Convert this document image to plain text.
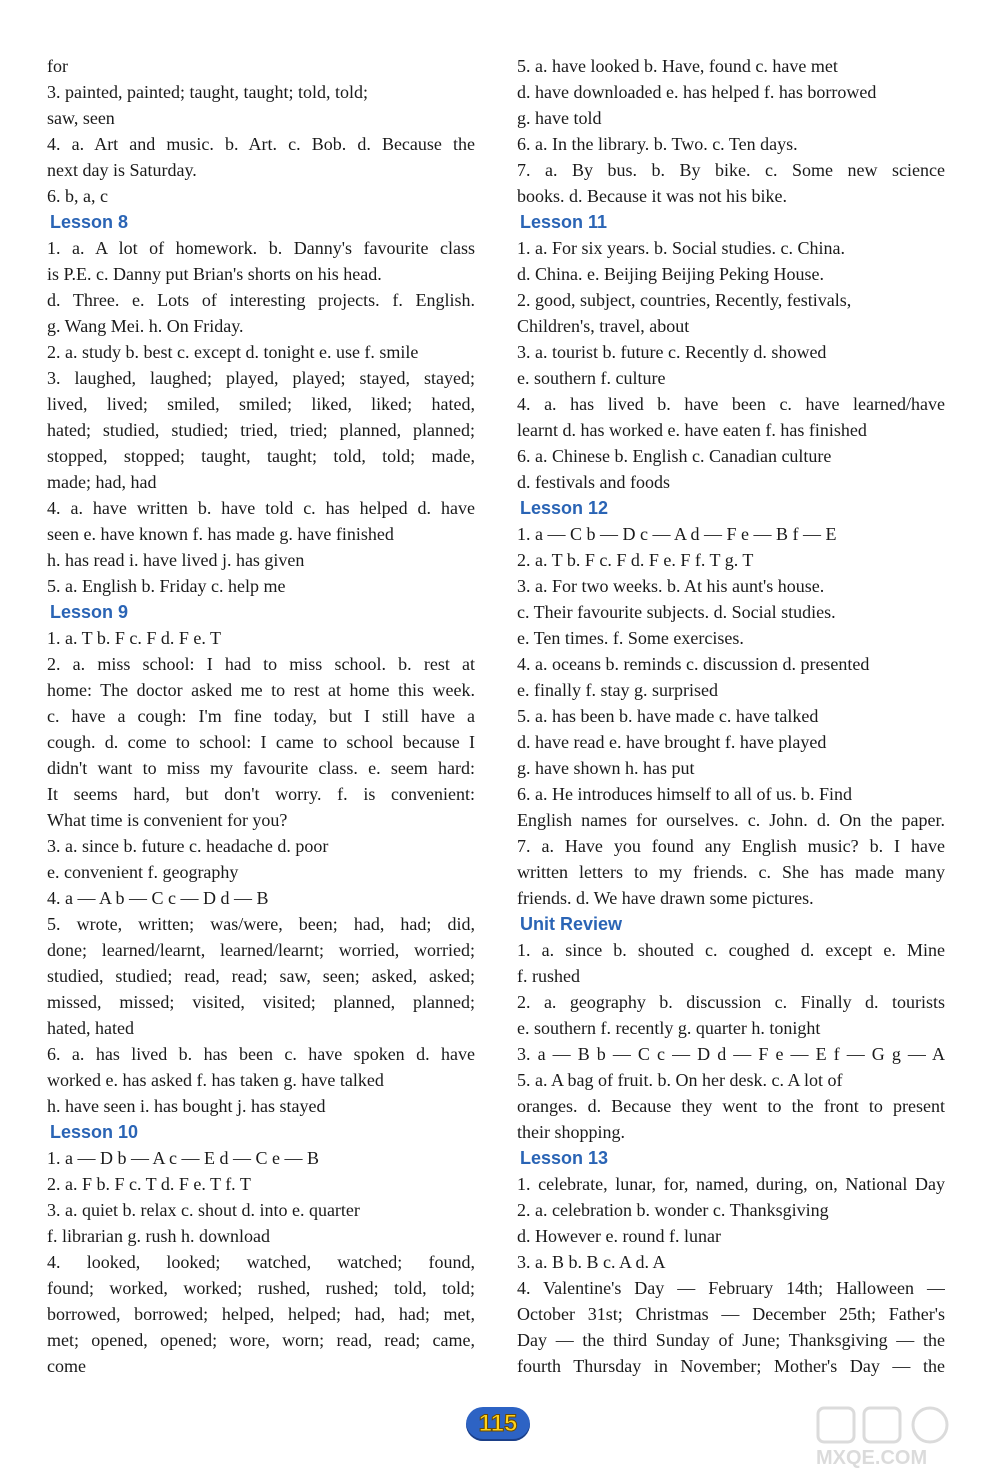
for
3. painted, painted; taught, taught; told, told;
saw, seen
4. a. Art and music. b. Art. c. Bob. d. Because the
next day is Saturday.
6. b, a, c
Lesson 8
1. a. A lot of homework. b. Danny's favourite class
is P.E. c. Danny put Brian's shorts on his head.
d. Three. e. Lots of interesting projects. f. English.
g. Wang Mei. h. On Friday.
2. a. study b. best c. except d. tonight e. use f. smile
3. laughed, laughed; played, played; stayed, stayed;
lived, lived; smiled, smiled; liked, liked; hated,
hated; studied, studied; tried, tried; planned, planned;
stopped, stopped; taught, taught; told, told; made,
made; had, had
4. a. have written b. have told c. has helped d. have
seen e. have known f. has made g. have finished
h. has read i. have lived j. has given
5. a. English b. Friday c. help me
Lesson 9
1. a. T b. F c. F d. F e. T
2. a. miss school: I had to miss school. b. rest at
home: The doctor asked me to rest at home this week.
c. have a cough: I'm fine today, but I still have a
cough. d. come to school: I came to school because I
didn't want to miss my favourite class. e. seem hard:
It seems hard, but don't worry. f. is convenient:
What time is convenient for you?
3. a. since b. future c. headache d. poor
e. convenient f. geography
4. a — A b — C c — D d — B
5. wrote, written; was/were, been; had, had; did,
done; learned/learnt, learned/learnt; worried, worried;
studied, studied; read, read; saw, seen; asked, asked;
missed, missed; visited, visited; planned, planned;
hated, hated
6. a. has lived b. has been c. have spoken d. have
worked e. has asked f. has taken g. have talked
h. have seen i. has bought j. has stayed
Lesson 10
1. a — D b — A c — E d — C e — B
2. a. F b. F c. T d. F e. T f. T
3. a. quiet b. relax c. shout d. into e. quarter
f. librarian g. rush h. download
4. looked, looked; watched, watched; found,
found; worked, worked; rushed, rushed; told, told;
borrowed, borrowed; helped, helped; had, had; met,
met; opened, opened; wore, worn; read, read; came,
come
5. a. have looked b. Have, found c. have met
d. have downloaded e. has helped f. has borrowed
g. have told
6. a. In the library. b. Two. c. Ten days.
7. a. By bus. b. By bike. c. Some new science
books. d. Because it was not his bike.
Lesson 11
1. a. For six years. b. Social studies. c. China.
d. China. e. Beijing Beijing Peking House.
2. good, subject, countries, Recently, festivals,
Children's, travel, about
3. a. tourist b. future c. Recently d. showed
e. southern f. culture
4. a. has lived b. have been c. have learned/have
learnt d. has worked e. have eaten f. has finished
6. a. Chinese b. English c. Canadian culture
d. festivals and foods
Lesson 12
1. a — C b — D c — A d — F e — B f — E
2. a. T b. F c. F d. F e. F f. T g. T
3. a. For two weeks. b. At his aunt's house.
c. Their favourite subjects. d. Social studies.
e. Ten times. f. Some exercises.
4. a. oceans b. reminds c. discussion d. presented
e. finally f. stay g. surprised
5. a. has been b. have made c. have talked
d. have read e. have brought f. have played
g. have shown h. has put
6. a. He introduces himself to all of us. b. Find
English names for ourselves. c. John. d. On the paper.
7. a. Have you found any English music? b. I have
written letters to my friends. c. She has made many
friends. d. We have drawn some pictures.
Unit Review
1. a. since b. shouted c. coughed d. except e. Mine
f. rushed
2. a. geography b. discussion c. Finally d. tourists
e. southern f. recently g. quarter h. tonight
3. a — B b — C c — D d — F e — E f — G g — A
5. a. A bag of fruit. b. On her desk. c. A lot of
oranges. d. Because they went to the front to present
their shopping.
Lesson 13
1. celebrate, lunar, for, named, during, on, National Day
2. a. celebration b. wonder c. Thanksgiving
d. However e. round f. lunar
3. a. B b. B c. A d. A
4. Valentine's Day — February 14th; Halloween —
October 31st; Christmas — December 25th; Father's
Day — the third Sunday of June; Thanksgiving — the
fourth Thursday in November; Mother's Day — the
115
MXQE.COM
